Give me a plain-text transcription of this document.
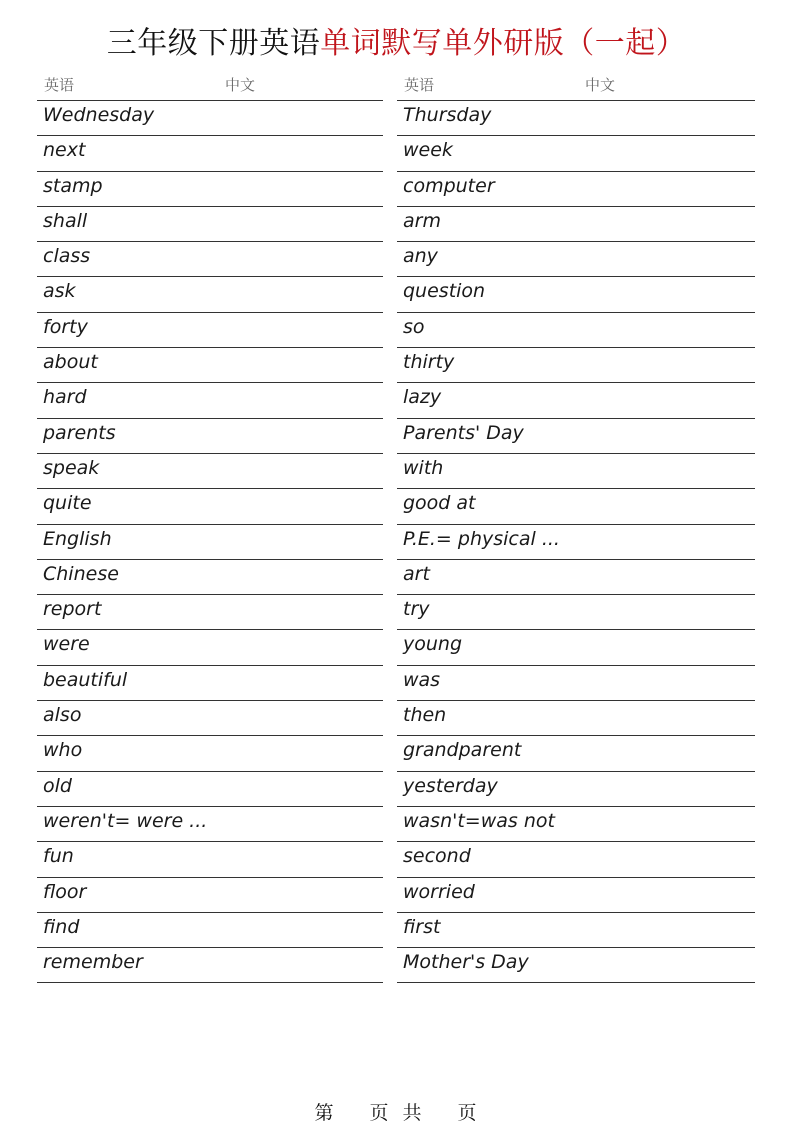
三年级下册英语单词默写单外研版（一起）
英语	中文
Wednesday
next
stamp
shall
class
ask
forty
about
hard
parents
speak
quite
English
Chinese
report
were
beautiful
also
who
old
weren't= were ...
fun
floor
find
remember
英语	中文
Thursday
week
computer
arm
any
question
so
thirty
lazy
Parents' Day
with
good at
P.E.= physical ...
art
try
young
was
then
grandparent
yesterday
wasn't=was not
second
worried
first
Mother's Day
第 页 共 页
